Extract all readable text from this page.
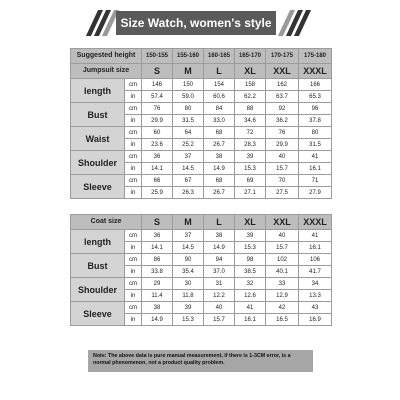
Size Watch, women's style
Suggested height		150-155	155-160	160-165	165-170	170-175	175-180
Jumpsuit size		S	M	L	XL	XXL	XXXL
length	cm	146	150	154	158	162	166
	in	57.4	59.0	60.6	62.2	63.7	65.3
Bust	cm	76	80	84	88	92	96
	in	29.9	31.5	33.0	34.6	36.2	37.8
Waist	cm	60	64	68	72	76	80
	in	23.6	25.2	26.7	28.3	29.9	31.5
Shoulder	cm	36	37	38	39	40	41
	in	14.1	14.5	14.9	15.3	15.7	16.1
Sleeve	cm	66	67	68	69	70	71
	in	25.9	26.3	26.7	27.1	27.5	27.9
Coat size		S	M	L	XL	XXL	XXXL
length	cm	36	37	38	39	40	41
	in	14.1	14.5	14.9	15.3	15.7	16.1
Bust	cm	86	90	94	98	102	106
	in	33.8	35.4	37.0	38.5	40.1	41.7
Shoulder	cm	29	30	31	32	33	34
	in	11.4	11.8	12.2	12.6	12.9	13.3
Sleeve	cm	38	39	40	41	42	43
	in	14.9	15.3	15.7	16.1	16.5	16.9
Note: The above data is pure manual measurement, if there is 1-3CM error, is a normal phenomenon, not a product quality problem.
